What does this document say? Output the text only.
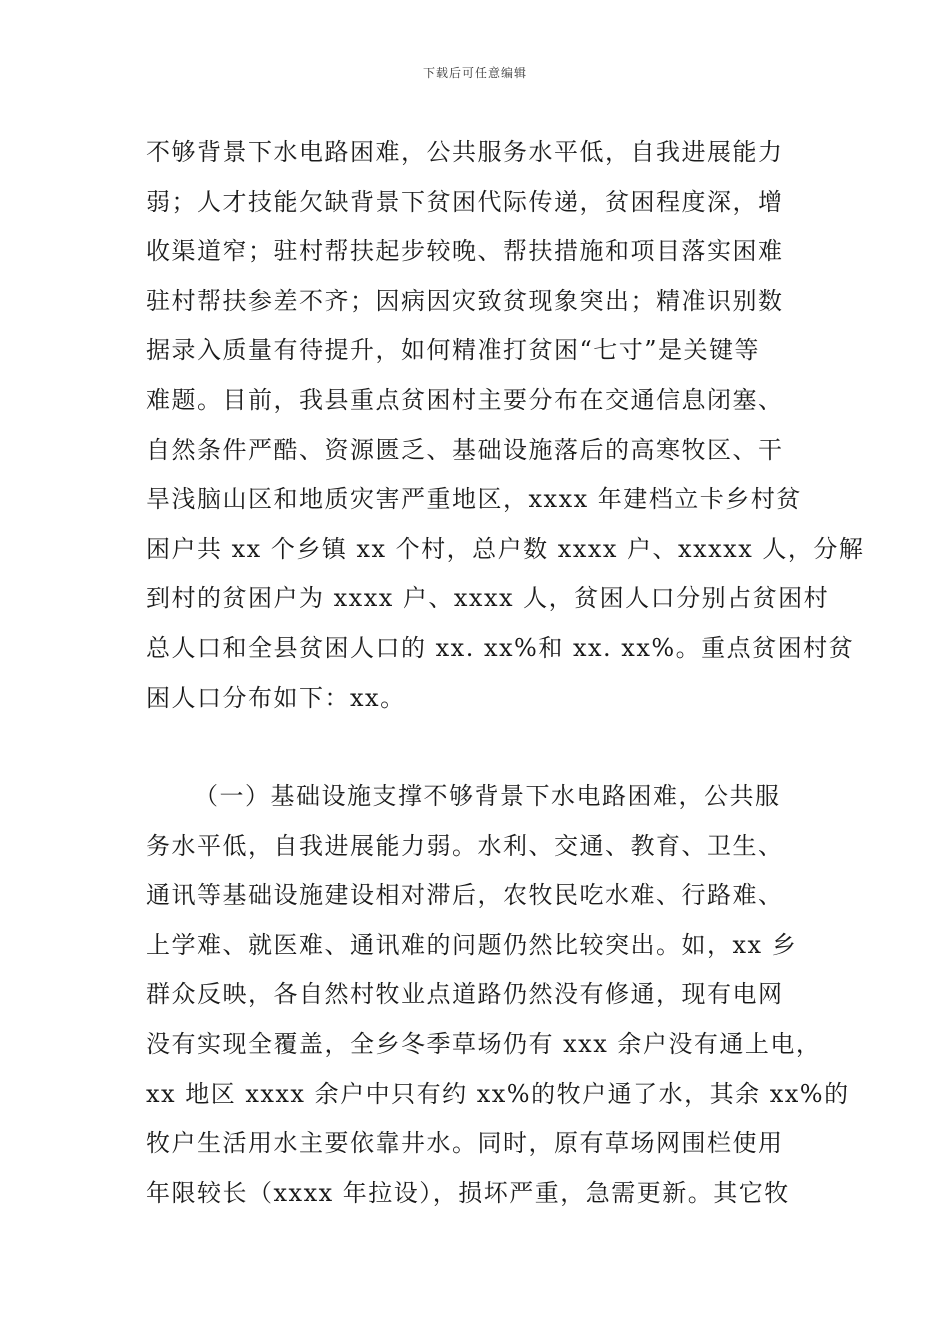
下载后可任意编辑
不够背景下水电路困难，公共服务水平低，自我进展能力
弱；人才技能欠缺背景下贫困代际传递，贫困程度深，增
收渠道窄；驻村帮扶起步较晚、帮扶措施和项目落实困难
驻村帮扶参差不齐；因病因灾致贫现象突出；精准识别数
据录入质量有待提升，如何精准打贫困“七寸”是关键等
难题。目前，我县重点贫困村主要分布在交通信息闭塞、
自然条件严酷、资源匮乏、基础设施落后的高寒牧区、干
旱浅脑山区和地质灾害严重地区，xxxx 年建档立卡乡村贫
困户共 xx 个乡镇 xx 个村，总户数 xxxx 户、xxxxx 人，分解
到村的贫困户为 xxxx 户、xxxx 人，贫困人口分别占贫困村
总人口和全县贫困人口的 xx. xx%和 xx. xx%。重点贫困村贫
困人口分布如下：xx。
（一）基础设施支撑不够背景下水电路困难，公共服
务水平低，自我进展能力弱。水利、交通、教育、卫生、
通讯等基础设施建设相对滞后，农牧民吃水难、行路难、
上学难、就医难、通讯难的问题仍然比较突出。如，xx 乡
群众反映，各自然村牧业点道路仍然没有修通，现有电网
没有实现全覆盖，全乡冬季草场仍有 xxx 余户没有通上电，
xx 地区 xxxx 余户中只有约 xx%的牧户通了水，其余 xx%的
牧户生活用水主要依靠井水。同时，原有草场网围栏使用
年限较长（xxxx 年拉设），损坏严重，急需更新。其它牧
